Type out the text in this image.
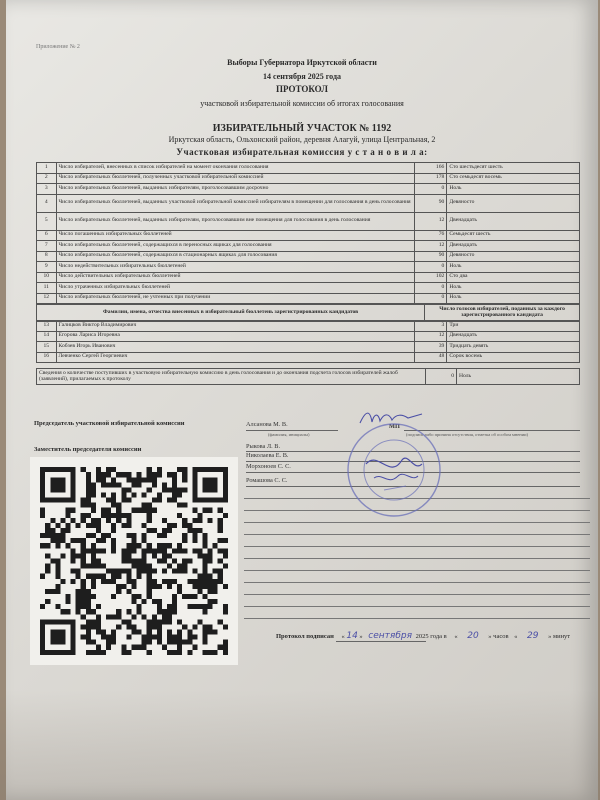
Приложение № 2
Выборы Губернатора Иркутской области
14 сентября 2025 года
ПРОТОКОЛ
участковой избирательной комиссии об итогах голосования
ИЗБИРАТЕЛЬНЫЙ УЧАСТОК № 1192
Иркутская область, Ольхонский район, деревня Алагуй, улица Центральная, 2
Участковая избирательная комиссия у с т а н о в и л а:
1	Число избирателей, внесенных в список избирателей на момент окончания голосования	166	Сто шестьдесят шесть
2	Число избирательных бюллетеней, полученных участковой избирательной комиссией	178	Сто семьдесят восемь
3	Число избирательных бюллетеней, выданных избирателям, проголосовавшим досрочно	0	Ноль
4	Число избирательных бюллетеней, выданных участковой избирательной комиссией избирателям в помещении для голосования в день голосования	90	Девяносто
5	Число избирательных бюллетеней, выданных избирателям, проголосовавшим вне помещения для голосования в день голосования	12	Двенадцать
6	Число погашенных избирательных бюллетеней	76	Семьдесят шесть
7	Число избирательных бюллетеней, содержащихся в переносных ящиках для голосования	12	Двенадцать
8	Число избирательных бюллетеней, содержащихся в стационарных ящиках для голосования	90	Девяносто
9	Число недействительных избирательных бюллетеней	0	Ноль
10	Число действительных избирательных бюллетеней	102	Сто два
11	Число утраченных избирательных бюллетеней	0	Ноль
12	Число избирательных бюллетеней, не учтенных при получении	0	Ноль
Фамилии, имена, отчества внесенных в избирательный бюллетень зарегистрированных кандидатов	Число голосов избирателей, поданных за каждого зарегистрированного кандидата
13	Галицков Виктор Владимирович	3	Три
14	Егорова Лариса Игоревна	12	Двенадцать
15	Кобзев Игорь Иванович	39	Тридцать девять
16	Левченко Сергей Георгиевич	48	Сорок восемь
Сведения о количестве поступивших в участковую избирательную комиссию в день голосования и до окончания подсчета голосов избирателей жалоб (заявлений), прилагаемых к протоколу	0	Ноль
Председатель участковой избирательной комиссии
Заместитель председателя комиссии
Алсанова М. В.
(фамилия, инициалы)
МП
(подпись либо причина отсутствия, отметка об особом мнении)
Рыкова Л. В.
Николаева Е. В.
Морхоноев С. С.
Ромашова С. С.
Протокол подписан « 14 » сентября 2025 года в « 20 » часов « 29 » минут
